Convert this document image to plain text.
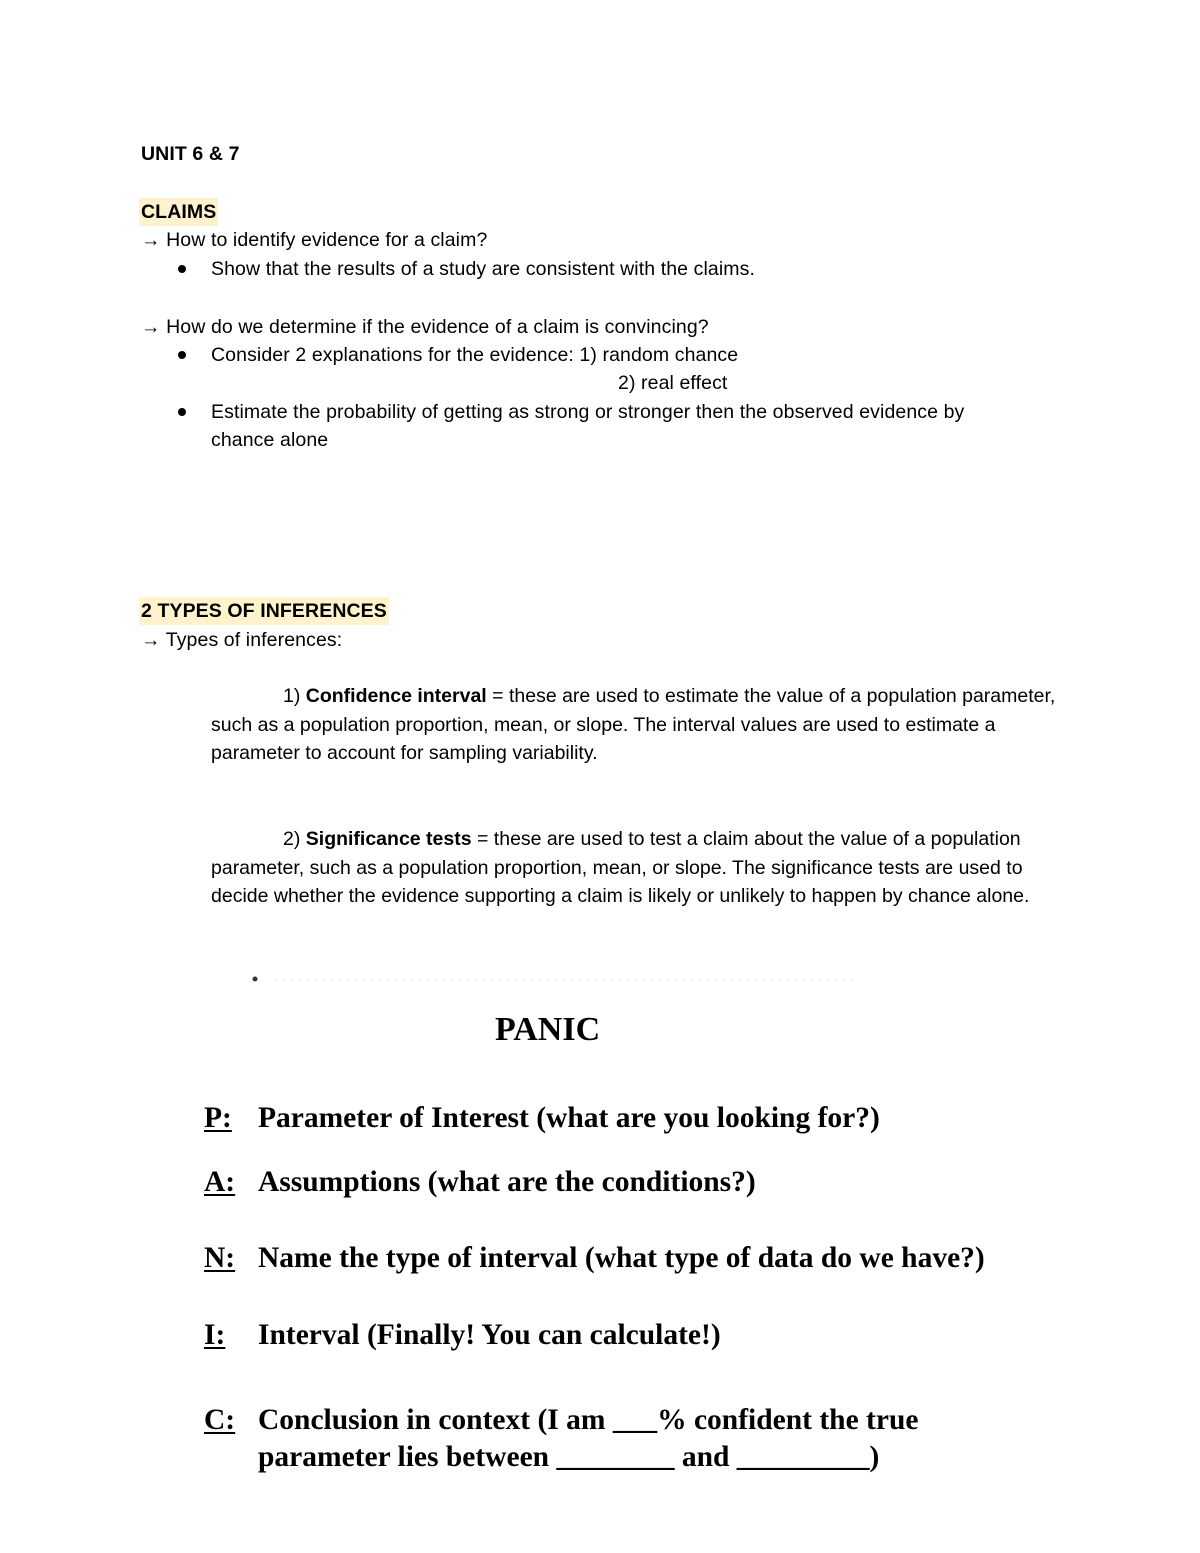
UNIT 6 & 7
CLAIMS
→ How to identify evidence for a claim?
Show that the results of a study are consistent with the claims.
→ How do we determine if the evidence of a claim is convincing?
Consider 2 explanations for the evidence: 1) random chance
2) real effect
Estimate the probability of getting as strong or stronger then the observed evidence by
chance alone
2 TYPES OF INFERENCES
→ Types of inferences:
1) Confidence interval = these are used to estimate the value of a population parameter, such as a population proportion, mean, or slope. The interval values are used to estimate a parameter to account for sampling variability.
2) Significance tests = these are used to test a claim about the value of a population parameter, such as a population proportion, mean, or slope. The significance tests are used to decide whether the evidence supporting a claim is likely or unlikely to happen by chance alone.
PANIC
P: Parameter of Interest (what are you looking for?)
A: Assumptions (what are the conditions?)
N: Name the type of interval (what type of data do we have?)
I: Interval (Finally! You can calculate!)
C: Conclusion in context (I am ___% confident the true
parameter lies between ________ and _________)
